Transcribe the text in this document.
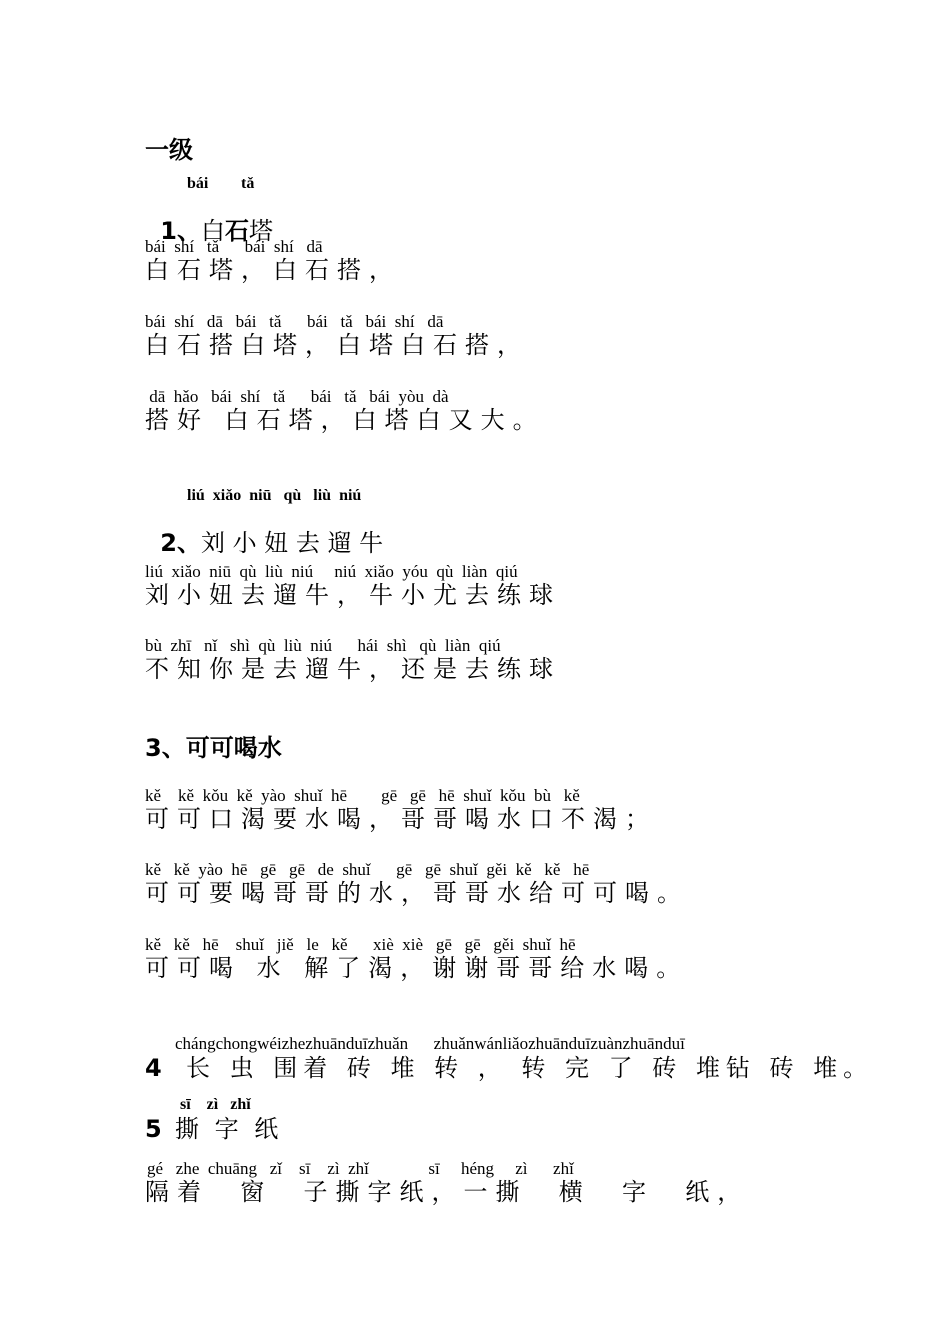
一级
bái tǎ

1、白石塔

bái  shí   tǎ      bái  shí   dā
白石塔，白石搭，
bái  shí   dā   bái   tǎ      bái   tǎ   bái  shí   dā
白石搭白塔，白塔白石搭，
dā  hǎo   bái  shí   tǎ      bái   tǎ   bái  yòu  dà
搭好 白石塔，白塔白又大。
liú  xiǎo  niū   qù   liù  niú

2、刘 小 妞 去 遛 牛

liú  xiǎo  niū  qù  liù  niú     niú  xiǎo  yóu  qù  liàn  qiú
刘小妞去遛牛，牛小尤去练球
bù  zhī   nǐ   shì  qù  liù  niú      hái  shì   qù  liàn  qiú
不知你是去遛牛，还是去练球
3、可可喝水
kě    kě  kǒu  kě  yào  shuǐ  hē        gē   gē   hē  shuǐ  kǒu  bù   kě
可可口渴要水喝，哥哥喝水口不渴；
kě   kě  yào  hē   gē   gē   de  shuǐ      gē   gē  shuǐ  gěi  kě   kě   hē
可可要喝哥哥的水，哥哥水给可可喝。
kě   kě   hē    shuǐ   jiě   le   kě      xiè  xiè   gē   gē   gěi  shuǐ  hē
可可喝 水 解了渴，谢谢哥哥给水喝。
chángchongwéizhezhuānduīzhuǎn      zhuǎnwánliǎozhuānduīzuànzhuānduī
4 长 虫 围着 砖 堆 转 ， 转 完 了 砖 堆钻 砖 堆。
sī    zì   zhǐ
5 撕 字 纸
gé   zhe  chuāng   zǐ    sī    zì  zhǐ              sī     héng     zì      zhǐ
隔着  窗  子撕字纸，一撕  横  字  纸，
